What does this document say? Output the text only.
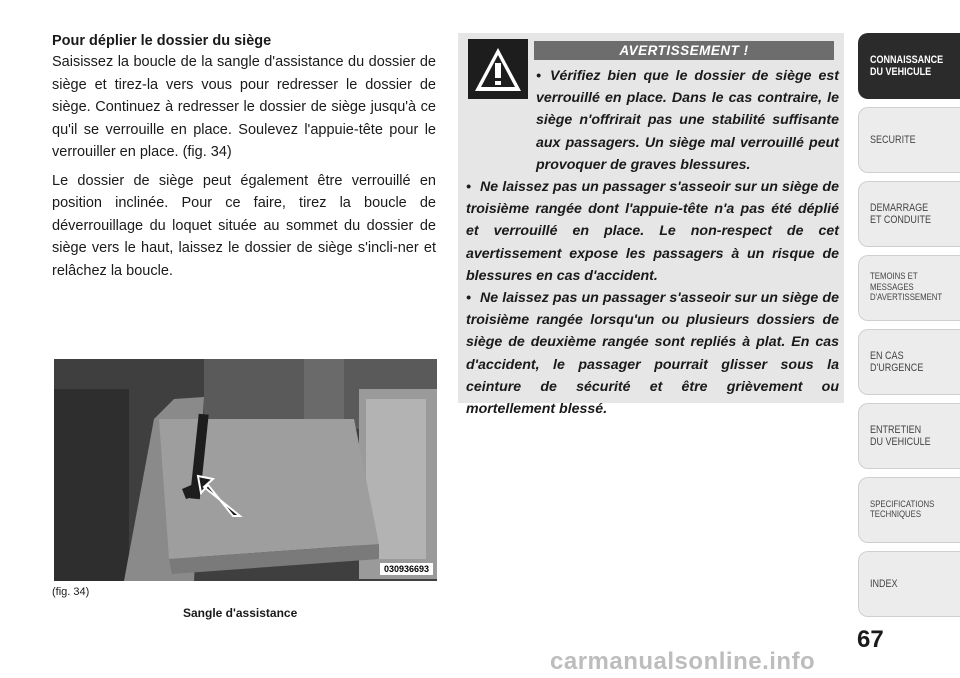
Pour déplier le dossier du siège

Saisissez la boucle de la sangle d'assistance du dossier de siège et tirez-la vers vous pour redresser le dossier de siège. Continuez à redresser le dossier de siège jusqu'à ce qu'il se verrouille en place. Soulevez l'appuie-tête pour le verrouiller en place. (fig. 34)

Le dossier de siège peut également être verrouillé en position inclinée. Pour ce faire, tirez la boucle de déverrouillage du loquet située au sommet du dossier de siège vers le haut, laissez le dossier de siège s'incli-ner et relâchez la boucle.

030936693
(fig. 34)
Sangle d'assistance
AVERTISSEMENT !

• Vérifiez bien que le dossier de siège est verrouillé en place. Dans le cas contraire, le siège n'offrirait pas une stabilité suffisante aux passagers. Un siège mal verrouillé peut provoquer de graves blessures.

• Ne laissez pas un passager s'asseoir sur un siège de troisième rangée dont l'appuie-tête n'a pas été déplié et verrouillé en place. Le non-respect de cet avertissement expose les passagers à un risque de blessures en cas d'accident.

• Ne laissez pas un passager s'asseoir sur un siège de troisième rangée lorsqu'un ou plusieurs dossiers de siège de deuxième rangée sont repliés à plat. En cas d'accident, le passager pourrait glisser sous la ceinture de sécurité et être grièvement ou mortellement blessé.

CONNAISSANCE
DU VEHICULE
SECURITE
DEMARRAGE
ET CONDUITE
TEMOINS ET
MESSAGES
D'AVERTISSEMENT
EN CAS
D'URGENCE
ENTRETIEN
DU VEHICULE
SPECIFICATIONS
TECHNIQUES
INDEX
67
carmanualsonline.info
